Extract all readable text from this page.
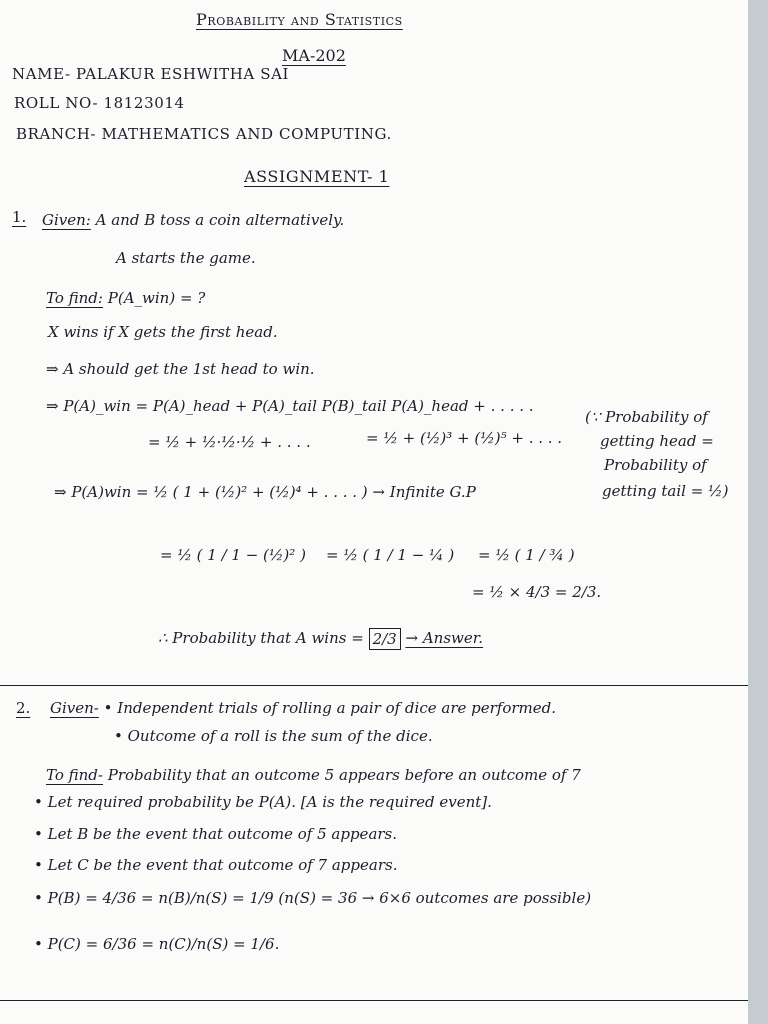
Probability and Statistics
MA-202
NAME- PALAKUR ESHWITHA SAI
ROLL NO- 18123014
BRANCH- MATHEMATICS AND COMPUTING.
ASSIGNMENT- 1
1. Given: A and B toss a coin alternatively.
A starts the game.
To find: P(A_win) = ?
X wins if X gets the first head.
⇒ A should get the 1st head to win.
⇒ P(A)_win = P(A)_head + P(A)_tail P(B)_tail P(A)_head + . . . . .
= ½ + ½·½·½ + . . . .	= ½ + (½)³ + (½)⁵ + . . . .
(∵ Probability of
getting head =
Probability of
getting tail = ½)
⇒ P(A)win = ½ ( 1 + (½)² + (½)⁴ + . . . . ) → Infinite G.P
= ½ ( 1 / 1 − (½)² ) = ½ ( 1 / 1 − ¼ ) = ½ ( 1 / ¾ )
= ½ × 4/3 = 2/3.
∴ Probability that A wins = 2/3 → Answer.
2. Given- • Independent trials of rolling a pair of dice are performed.
• Outcome of a roll is the sum of the dice.
To find- Probability that an outcome 5 appears before an outcome of 7
• Let required probability be P(A). [A is the required event].
• Let B be the event that outcome of 5 appears.
• Let C be the event that outcome of 7 appears.
• P(B) = 4/36 = n(B)/n(S) = 1/9 (n(S) = 36 → 6×6 outcomes are possible)
• P(C) = 6/36 = n(C)/n(S) = 1/6.
